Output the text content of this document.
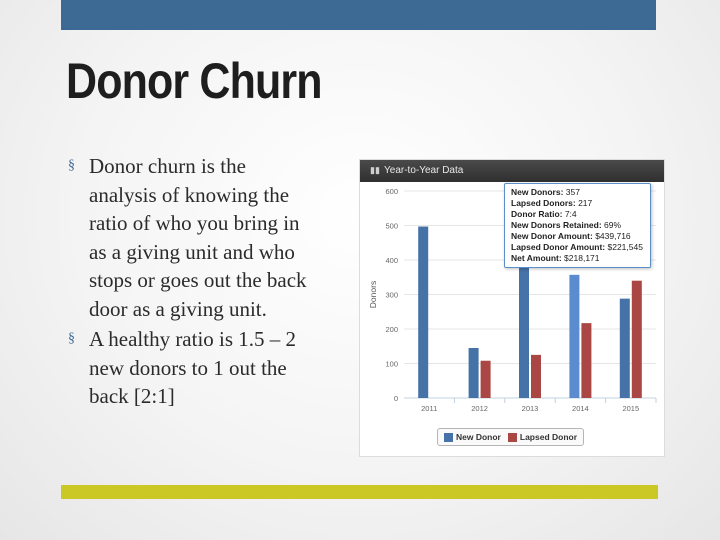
Donor Churn
§ Donor churn is the analysis of knowing the ratio of who you bring in as a giving unit and who stops or goes out the back door as a giving unit.
§ A healthy ratio is 1.5 – 2 new donors to 1 out the back [2:1]
▮▮ Year-to-Year Data
0
100
200
300
400
500
600
Donors
2011	2012	2013	2014	2015
New Donors: 357
Lapsed Donors: 217
Donor Ratio: 7:4
New Donors Retained: 69%
New Donor Amount: $439,716
Lapsed Donor Amount: $221,545
Net Amount: $218,171
New Donor Lapsed Donor
